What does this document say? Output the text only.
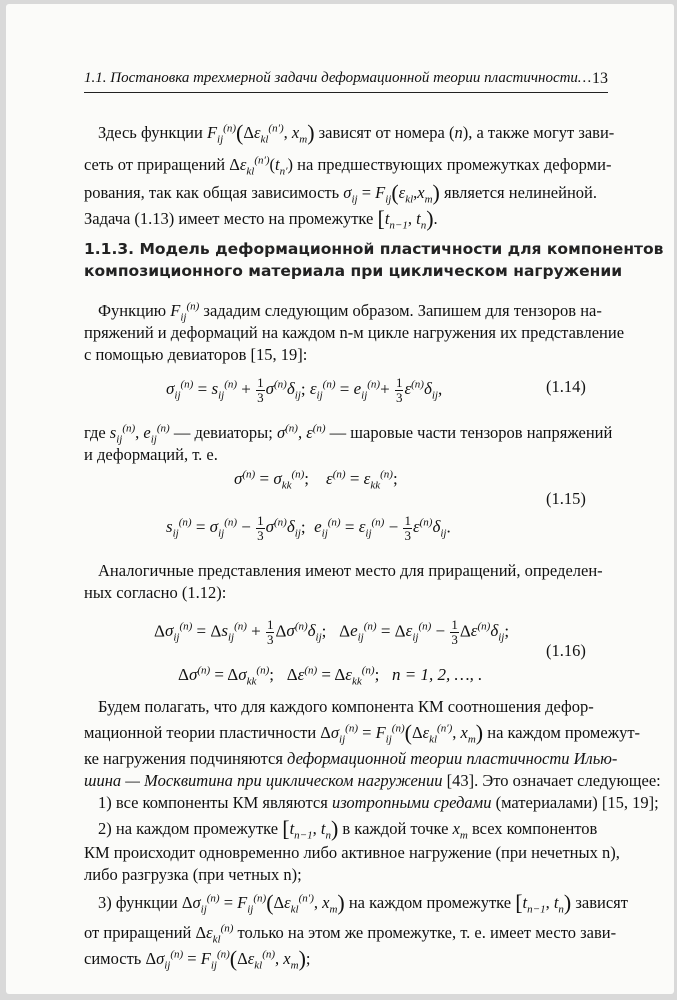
1.1. Постановка трехмерной задачи деформационной теории пластичности… 13
Здесь функции $F_{ij}^{(n)}(\Delta\varepsilon_{kl}^{(n')}$, $x_m$) зависят от номера (n), а также могут зави-
сеть от приращений $\Delta\varepsilon_{kl}^{(n')}(t_{n'})$ на предшествующих промежутках деформи-
рования, так как общая зависимость $\sigma_{ij} = F_{ij}(\varepsilon_{kl},x_m)$ является нелинейной.
Задача (1.13) имеет место на промежутке [$t_{n-1}$, $t_n$).
1.1.3. Модель деформационной пластичности для компонентов
композиционного материала при циклическом нагружении
Функцию $F_{ij}^{(n)}$ зададим следующим образом. Запишем для тензоров на-
пряжений и деформаций на каждом n-м цикле нагружения их представление
с помощью девиаторов [15, 19]:
$\sigma_{ij}^{(n)} = s_{ij}^{(n)} + \frac{1}{3} \sigma^{(n)}\delta_{ij}$; $\varepsilon_{ij}^{(n)} = e_{ij}^{(n)}+ \frac{1}{3} \varepsilon^{(n)}\delta_{ij}$,	(1.14)
где $s_{ij}^{(n)}$, $e_{ij}^{(n)}$ — девиаторы; $\sigma^{(n)}$, $\varepsilon^{(n)}$ — шаровые части тензоров напряжений
и деформаций, т. е.
$\sigma^{(n)} = \sigma_{kk}^{(n)}$;    $\varepsilon^{(n)} = \varepsilon_{kk}^{(n)}$;
(1.15)
$s_{ij}^{(n)} = \sigma_{ij}^{(n)} - \frac{1}{3} \sigma^{(n)}\delta_{ij}$;  $e_{ij}^{(n)} = \varepsilon_{ij}^{(n)} - \frac{1}{3} \varepsilon^{(n)}\delta_{ij}$.
Аналогичные представления имеют место для приращений, определен-
ных согласно (1.12):
$\Delta\sigma_{ij}^{(n)} = \Delta s_{ij}^{(n)} + \frac{1}{3} \Delta\sigma^{(n)}\delta_{ij}$;   $\Delta e_{ij}^{(n)} = \Delta\varepsilon_{ij}^{(n)} - \frac{1}{3} \Delta\varepsilon^{(n)}\delta_{ij}$;
(1.16)
$\Delta\sigma^{(n)} = \Delta\sigma_{kk}^{(n)}$;   $\Delta\varepsilon^{(n)} = \Delta\varepsilon_{kk}^{(n)}$;   n = 1, 2, …, .
Будем полагать, что для каждого компонента КМ соотношения дефор-
мационной теории пластичности $\Delta\sigma_{ij}^{(n)} = F_{ij}^{(n)}(\Delta\varepsilon_{kl}^{(n')}$, $x_m$) на каждом промежут-
ке нагружения подчиняются деформационной теории пластичности Илью-
шина — Москвитина при циклическом нагружении [43]. Это означает следующее:
1) все компоненты КМ являются изотропными средами (материалами) [15, 19];
2) на каждом промежутке [$t_{n-1}$, $t_n$) в каждой точке $x_m$ всех компонентов
КМ происходит одновременно либо активное нагружение (при нечетных n),
либо разгрузка (при четных n);
3) функции $\Delta\sigma_{ij}^{(n)} = F_{ij}^{(n)}(\Delta\varepsilon_{kl}^{(n')}$, $x_m$) на каждом промежутке [$t_{n-1}$, $t_n$) зависят
от приращений $\Delta\varepsilon_{kl}^{(n)}$ только на этом же промежутке, т. е. имеет место зави-
симость $\Delta\sigma_{ij}^{(n)} = F_{ij}^{(n)}(\Delta\varepsilon_{kl}^{(n)}$, $x_m$);
